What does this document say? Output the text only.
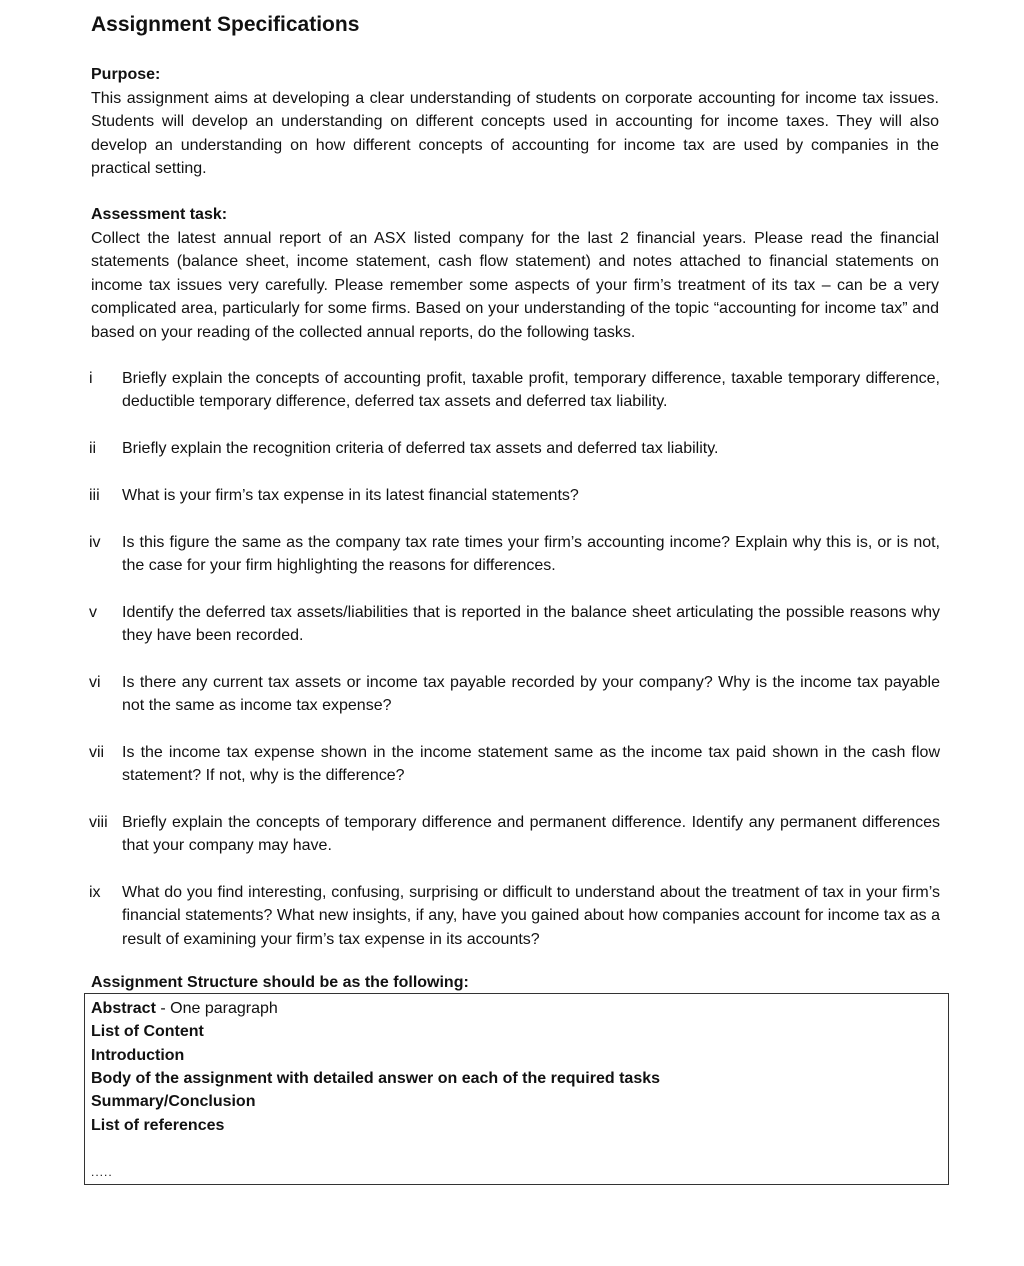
Assignment Specifications
Purpose:

This assignment aims at developing a clear understanding of students on corporate accounting for income tax issues. Students will develop an understanding on different concepts used in accounting for income taxes. They will also develop an understanding on how different concepts of accounting for income tax are used by companies in the practical setting.

Assessment task:

Collect the latest annual report of an ASX listed company for the last 2 financial years. Please read the financial statements (balance sheet, income statement, cash flow statement) and notes attached to financial statements on income tax issues very carefully. Please remember some aspects of your firm’s treatment of its tax – can be a very complicated area, particularly for some firms. Based on your understanding of the topic “accounting for income tax” and based on your reading of the collected annual reports, do the following tasks.

i	Briefly explain the concepts of accounting profit, taxable profit, temporary difference, taxable temporary difference, deductible temporary difference, deferred tax assets and deferred tax liability.
ii	Briefly explain the recognition criteria of deferred tax assets and deferred tax liability.
iii	What is your firm’s tax expense in its latest financial statements?
iv	Is this figure the same as the company tax rate times your firm’s accounting income? Explain why this is, or is not, the case for your firm highlighting the reasons for differences.
v	Identify the deferred tax assets/liabilities that is reported in the balance sheet articulating the possible reasons why they have been recorded.
vi	Is there any current tax assets or income tax payable recorded by your company? Why is the income tax payable not the same as income tax expense?
vii	Is the income tax expense shown in the income statement same as the income tax paid shown in the cash flow statement? If not, why is the difference?
viii Briefly explain the concepts of temporary difference and permanent difference. Identify any permanent differences that your company may have.
ix	What do you find interesting, confusing, surprising or difficult to understand about the treatment of tax in your firm’s financial statements? What new insights, if any, have you gained about how companies account for income tax as a result of examining your firm’s tax expense in its accounts?
Assignment Structure should be as the following:
Abstract - One paragraph
List of Content
Introduction
Body of the assignment with detailed answer on each of the required tasks
Summary/Conclusion
List of references
.....
